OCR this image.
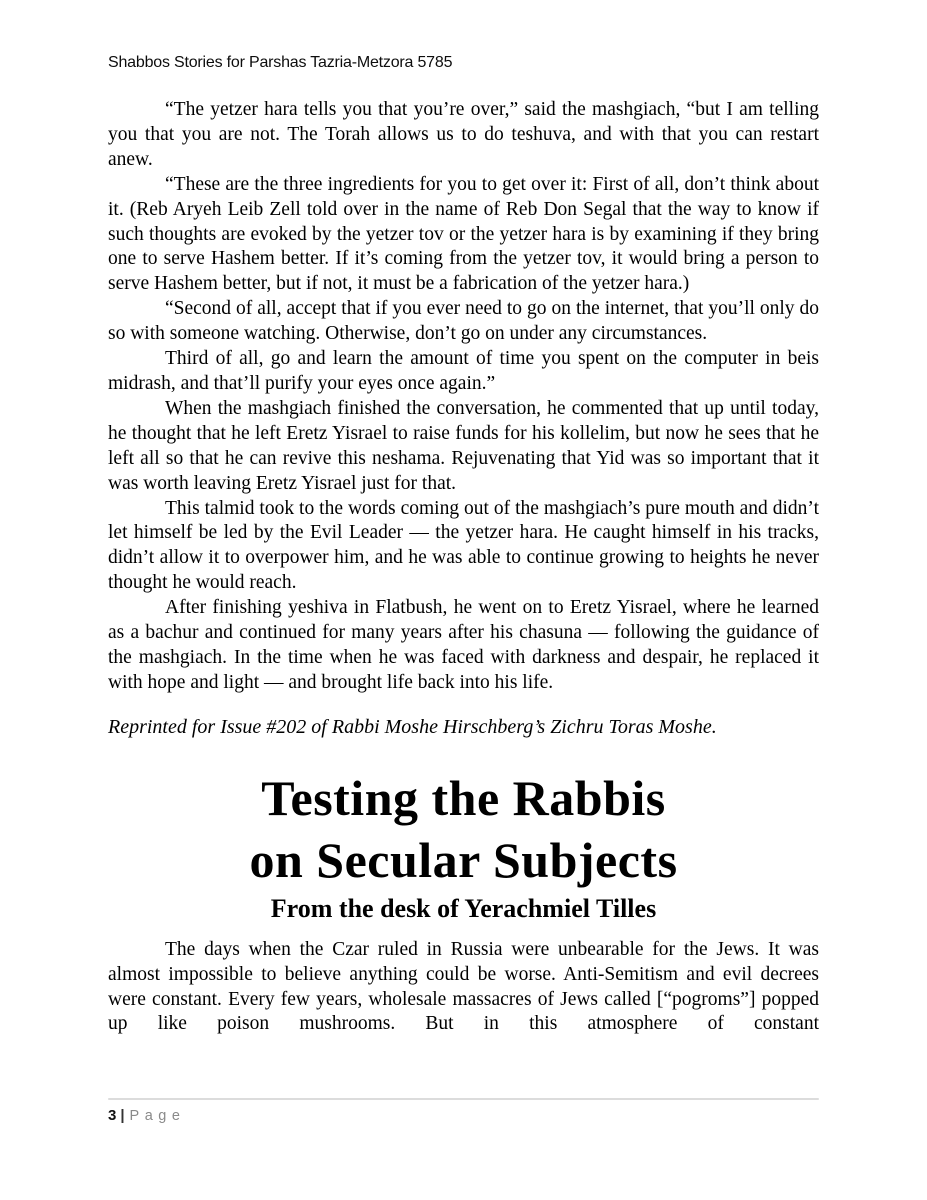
Shabbos Stories for Parshas Tazria-Metzora 5785

“The yetzer hara tells you that you’re over,” said the mashgiach, “but I am telling you that you are not. The Torah allows us to do teshuva, and with that you can restart anew.

“These are the three ingredients for you to get over it: First of all, don’t think about it. (Reb Aryeh Leib Zell told over in the name of Reb Don Segal that the way to know if such thoughts are evoked by the yetzer tov or the yetzer hara is by examining if they bring one to serve Hashem better. If it’s coming from the yetzer tov, it would bring a person to serve Hashem better, but if not, it must be a fabrication of the yetzer hara.)

“Second of all, accept that if you ever need to go on the internet, that you’ll only do so with someone watching. Otherwise, don’t go on under any circumstances.

Third of all, go and learn the amount of time you spent on the computer in beis midrash, and that’ll purify your eyes once again.”

When the mashgiach finished the conversation, he commented that up until today, he thought that he left Eretz Yisrael to raise funds for his kollelim, but now he sees that he left all so that he can revive this neshama. Rejuvenating that Yid was so important that it was worth leaving Eretz Yisrael just for that.

This talmid took to the words coming out of the mashgiach’s pure mouth and didn’t let himself be led by the Evil Leader — the yetzer hara. He caught himself in his tracks, didn’t allow it to overpower him, and he was able to continue growing to heights he never thought he would reach.

After finishing yeshiva in Flatbush, he went on to Eretz Yisrael, where he learned as a bachur and continued for many years after his chasuna — following the guidance of the mashgiach. In the time when he was faced with darkness and despair, he replaced it with hope and light — and brought life back into his life.

Reprinted for Issue #202 of Rabbi Moshe Hirschberg’s Zichru Toras Moshe.

Testing the Rabbis
on Secular Subjects
From the desk of Yerachmiel Tilles

The days when the Czar ruled in Russia were unbearable for the Jews. It was almost impossible to believe anything could be worse. Anti-Semitism and evil decrees were constant. Every few years, wholesale massacres of Jews called [“pogroms”] popped up like poison mushrooms. But in this atmosphere of constant

3 | Page
